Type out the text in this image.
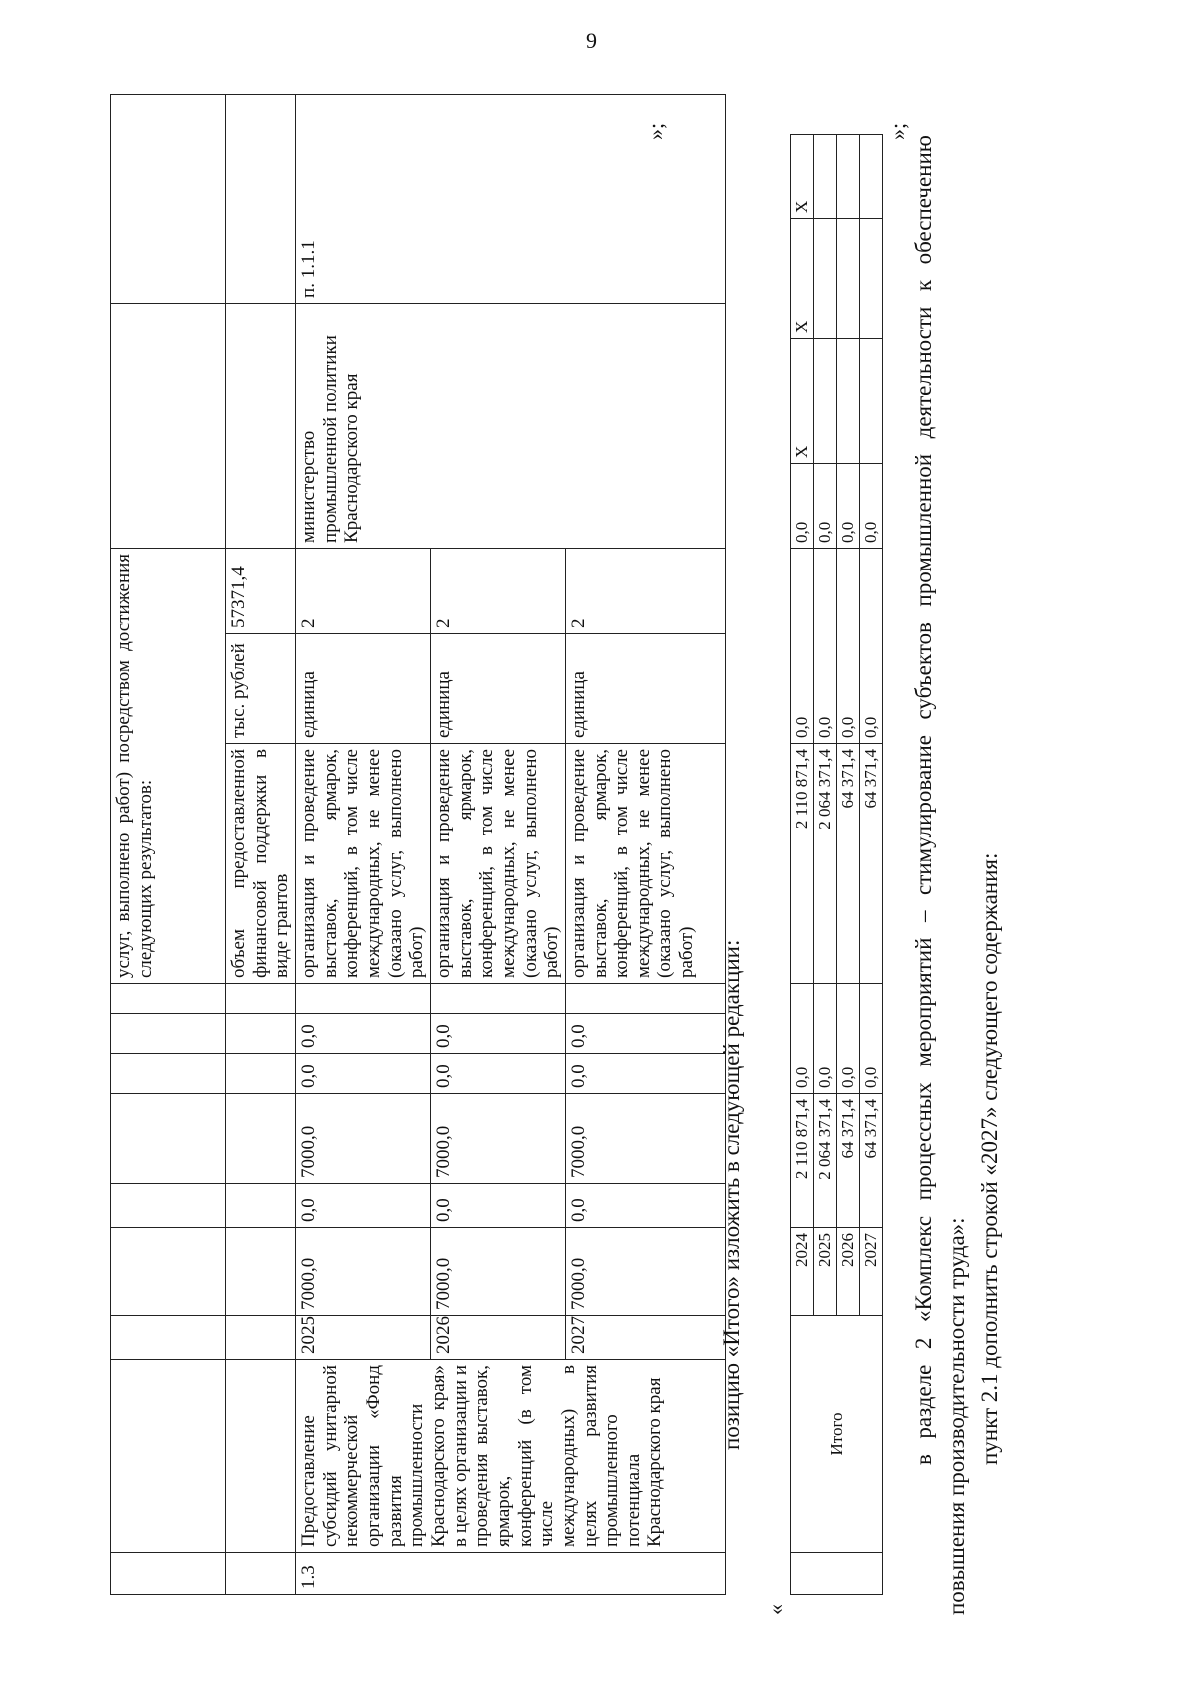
9
									услуг, выполнено работ) посредством достижения следующих результатов:				
									объем предоставленной финансовой поддержки в виде грантов	тыс. рублей	57371,4		
1.3	Предоставление субсидий унитарной некоммерческой организации «Фонд развития промышленности Краснодарского края» в целях организации и проведения выставок, ярмарок, конференций (в том числе международных) в целях развития промышленного потенциала Краснодарского края	2025	7000,0	0,0	7000,0	0,0	0,0		организация и проведение выставок, ярмарок, конференций, в том числе международных, не менее (оказано услуг, выполнено работ)	единица	2	министерство промышленной политики Краснодарского края	п. 1.1.1
		2026	7000,0	0,0	7000,0	0,0	0,0		организация и проведение выставок, ярмарок, конференций, в том числе международных, не менее (оказано услуг, выполнено работ)	единица	2		
		2027	7000,0	0,0	7000,0	0,0	0,0		организация и проведение выставок, ярмарок, конференций, в том числе международных, не менее (оказано услуг, выполнено работ)	единица	2		
»;
позицию «Итого» изложить в следующей редакции:
«
	Итого	2024	2 110 871,4	0,0	2 110 871,4	0,0	0,0	X	X	X
		2025	2 064 371,4	0,0	2 064 371,4	0,0	0,0			
		2026	64 371,4	0,0	64 371,4	0,0	0,0			
		2027	64 371,4	0,0	64 371,4	0,0	0,0			
»;
в разделе 2 «Комплекс процессных мероприятий – стимулирование субъектов промышленной деятельности к обеспечению повышения производительности труда»: пункт 2.1 дополнить строкой «2027» следующего содержания:
